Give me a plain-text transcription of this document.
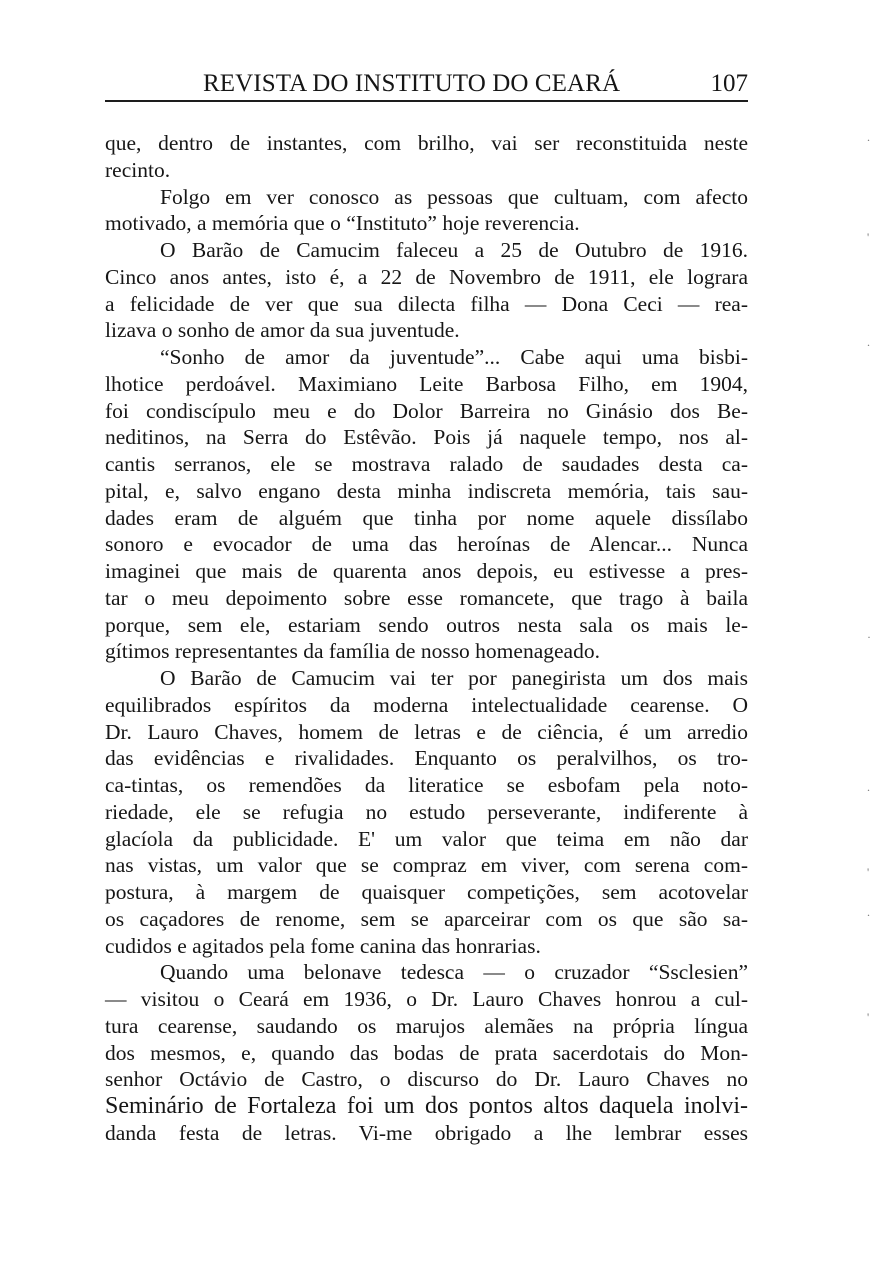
REVISTA DO INSTITUTO DO CEARÁ	107
que, dentro de instantes, com brilho, vai ser reconstituida neste
recinto.
Folgo em ver conosco as pessoas que cultuam, com afecto
motivado, a memória que o “Instituto” hoje reverencia.
O Barão de Camucim faleceu a 25 de Outubro de 1916.
Cinco anos antes, isto é, a 22 de Novembro de 1911, ele lograra
a felicidade de ver que sua dilecta filha — Dona Ceci — rea-
lizava o sonho de amor da sua juventude.
“Sonho de amor da juventude”... Cabe aqui uma bisbi-
lhotice perdoável. Maximiano Leite Barbosa Filho, em 1904,
foi condiscípulo meu e do Dolor Barreira no Ginásio dos Be-
neditinos, na Serra do Estêvão. Pois já naquele tempo, nos al-
cantis serranos, ele se mostrava ralado de saudades desta ca-
pital, e, salvo engano desta minha indiscreta memória, tais sau-
dades eram de alguém que tinha por nome aquele dissílabo
sonoro e evocador de uma das heroínas de Alencar... Nunca
imaginei que mais de quarenta anos depois, eu estivesse a pres-
tar o meu depoimento sobre esse romancete, que trago à baila
porque, sem ele, estariam sendo outros nesta sala os mais le-
gítimos representantes da família de nosso homenageado.
O Barão de Camucim vai ter por panegirista um dos mais
equilibrados espíritos da moderna intelectualidade cearense. O
Dr. Lauro Chaves, homem de letras e de ciência, é um arredio
das evidências e rivalidades. Enquanto os peralvilhos, os tro-
ca-tintas, os remendões da literatice se esbofam pela noto-
riedade, ele se refugia no estudo perseverante, indiferente à
glacíola da publicidade. E' um valor que teima em não dar
nas vistas, um valor que se compraz em viver, com serena com-
postura, à margem de quaisquer competições, sem acotovelar
os caçadores de renome, sem se aparceirar com os que são sa-
cudidos e agitados pela fome canina das honrarias.
Quando uma belonave tedesca — o cruzador “Ssclesien”
— visitou o Ceará em 1936, o Dr. Lauro Chaves honrou a cul-
tura cearense, saudando os marujos alemães na própria língua
dos mesmos, e, quando das bodas de prata sacerdotais do Mon-
senhor Octávio de Castro, o discurso do Dr. Lauro Chaves no
Seminário de Fortaleza foi um dos pontos altos daquela inolvi-
danda festa de letras. Vi-me obrigado a lhe lembrar esses
.
'
.
·
.
'
.
'
